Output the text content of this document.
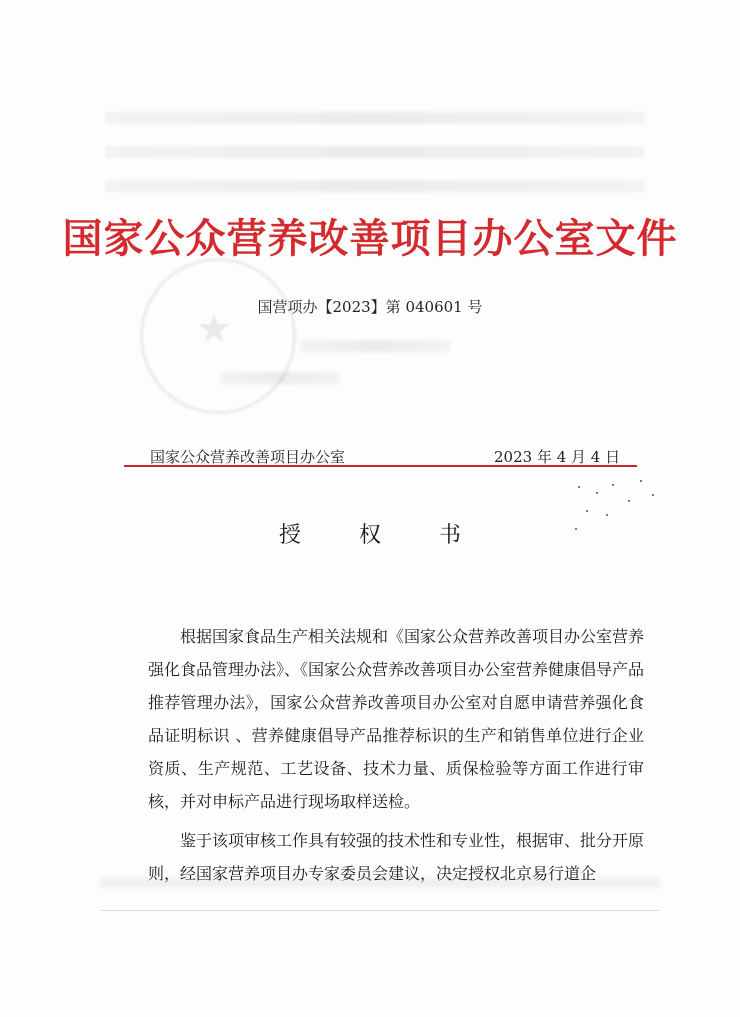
★
国家公众营养改善项目办公室文件
国营项办【2023】第 040601 号
国家公众营养改善项目办公室	2023 年 4 月 4 日
授权书

根据国家食品生产相关法规和《国家公众营养改善项目办公室营养强化食品管理办法》、《国家公众营养改善项目办公室营养健康倡导产品推荐管理办法》，国家公众营养改善项目办公室对自愿申请营养强化食品证明标识 、营养健康倡导产品推荐标识的生产和销售单位进行企业资质、生产规范、工艺设备、技术力量、质保检验等方面工作进行审核，并对申标产品进行现场取样送检。

鉴于该项审核工作具有较强的技术性和专业性，根据审、批分开原则，经国家营养项目办专家委员会建议，决定授权北京易行道企
